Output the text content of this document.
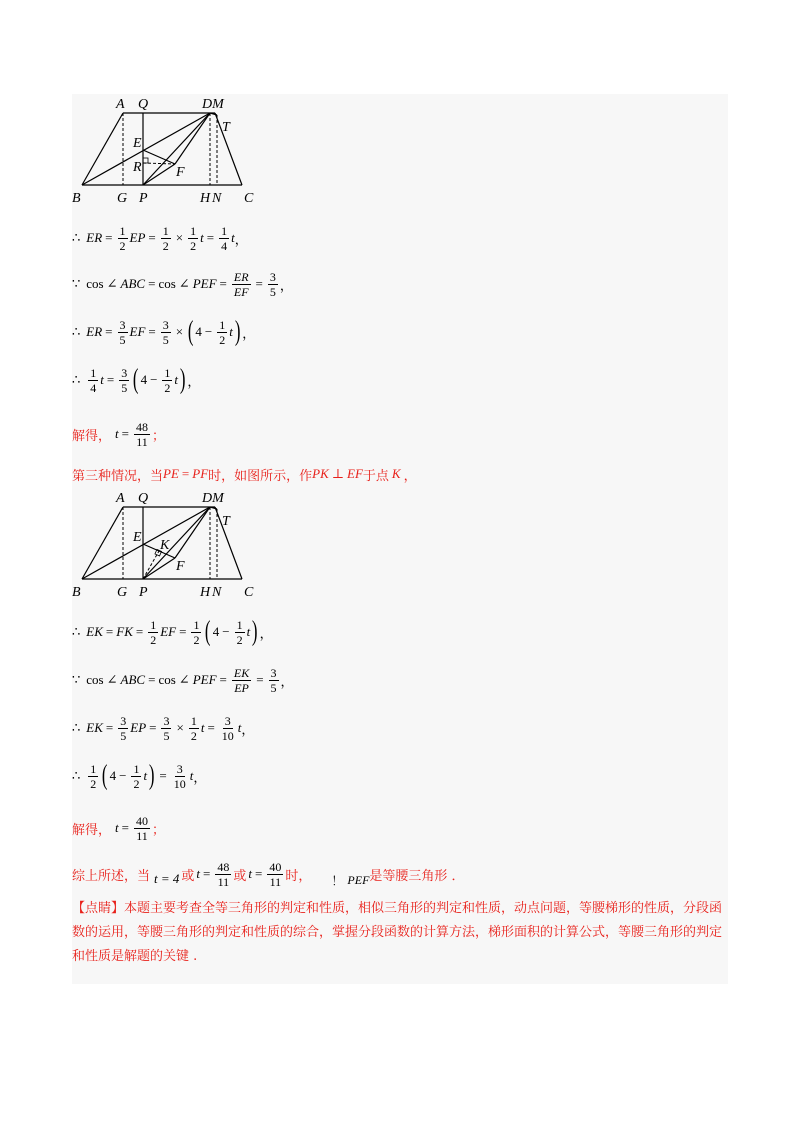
A Q	DM
T
E
R F
B	G P	H N C
∴ ER = $\frac{1}{2}$ EP = $\frac{1}{2} \times \frac{1}{2}$ $t = \frac{1}{4}$ t ，
∵ cos ∠ ABC = cos ∠ PEF = $\frac{ER}{EF} = \frac{3}{5}$ ，
∴ ER = $\frac{3}{5}$ EF = $\frac{3}{5}$ × ( $4 - \frac{1}{2}$ t ) ，
∴ $\frac{1}{4}$ $t = \frac{3}{5}$ ( $4 - \frac{1}{2}$ t ) ，
解得， $t = \frac{48}{11}$ ；
第三种情况，当 PE = PF 时，如图所示，作 PK ⊥ EF 于点 K ，
A Q	DM
T
E
K
F
B	G P	H N C
∴ EK = FK = $\frac{1}{2}$ EF = $\frac{1}{2}$ ( $4 - \frac{1}{2}$ t ) ，
∵ cos ∠ ABC = cos ∠ PEF = $\frac{EK}{EP} = \frac{3}{5}$ ，
∴ EK = $\frac{3}{5}$ EP = $\frac{3}{5} \times \frac{1}{2}$ $t = \frac{3}{10}$ t ，
∴ $\frac{1}{2}$ ( $4 - \frac{1}{2}$ t ) = $\frac{3}{10}$ t ，
解得， $t = \frac{40}{11}$ ；
综上所述，当 t = 4 或 $t = \frac{48}{11}$ 或 $t = \frac{40}{11}$ 时， ！ PEF 是等腰三角形 ．
【点睛】本题主要考查全等三角形的判定和性质，相似三角形的判定和性质，动点问题，等腰梯形的性质，分段函数的运用，等腰三角形的判定和性质的综合，掌握分段函数的计算方法，梯形面积的计算公式，等腰三角形的判定和性质是解题的关键 .
